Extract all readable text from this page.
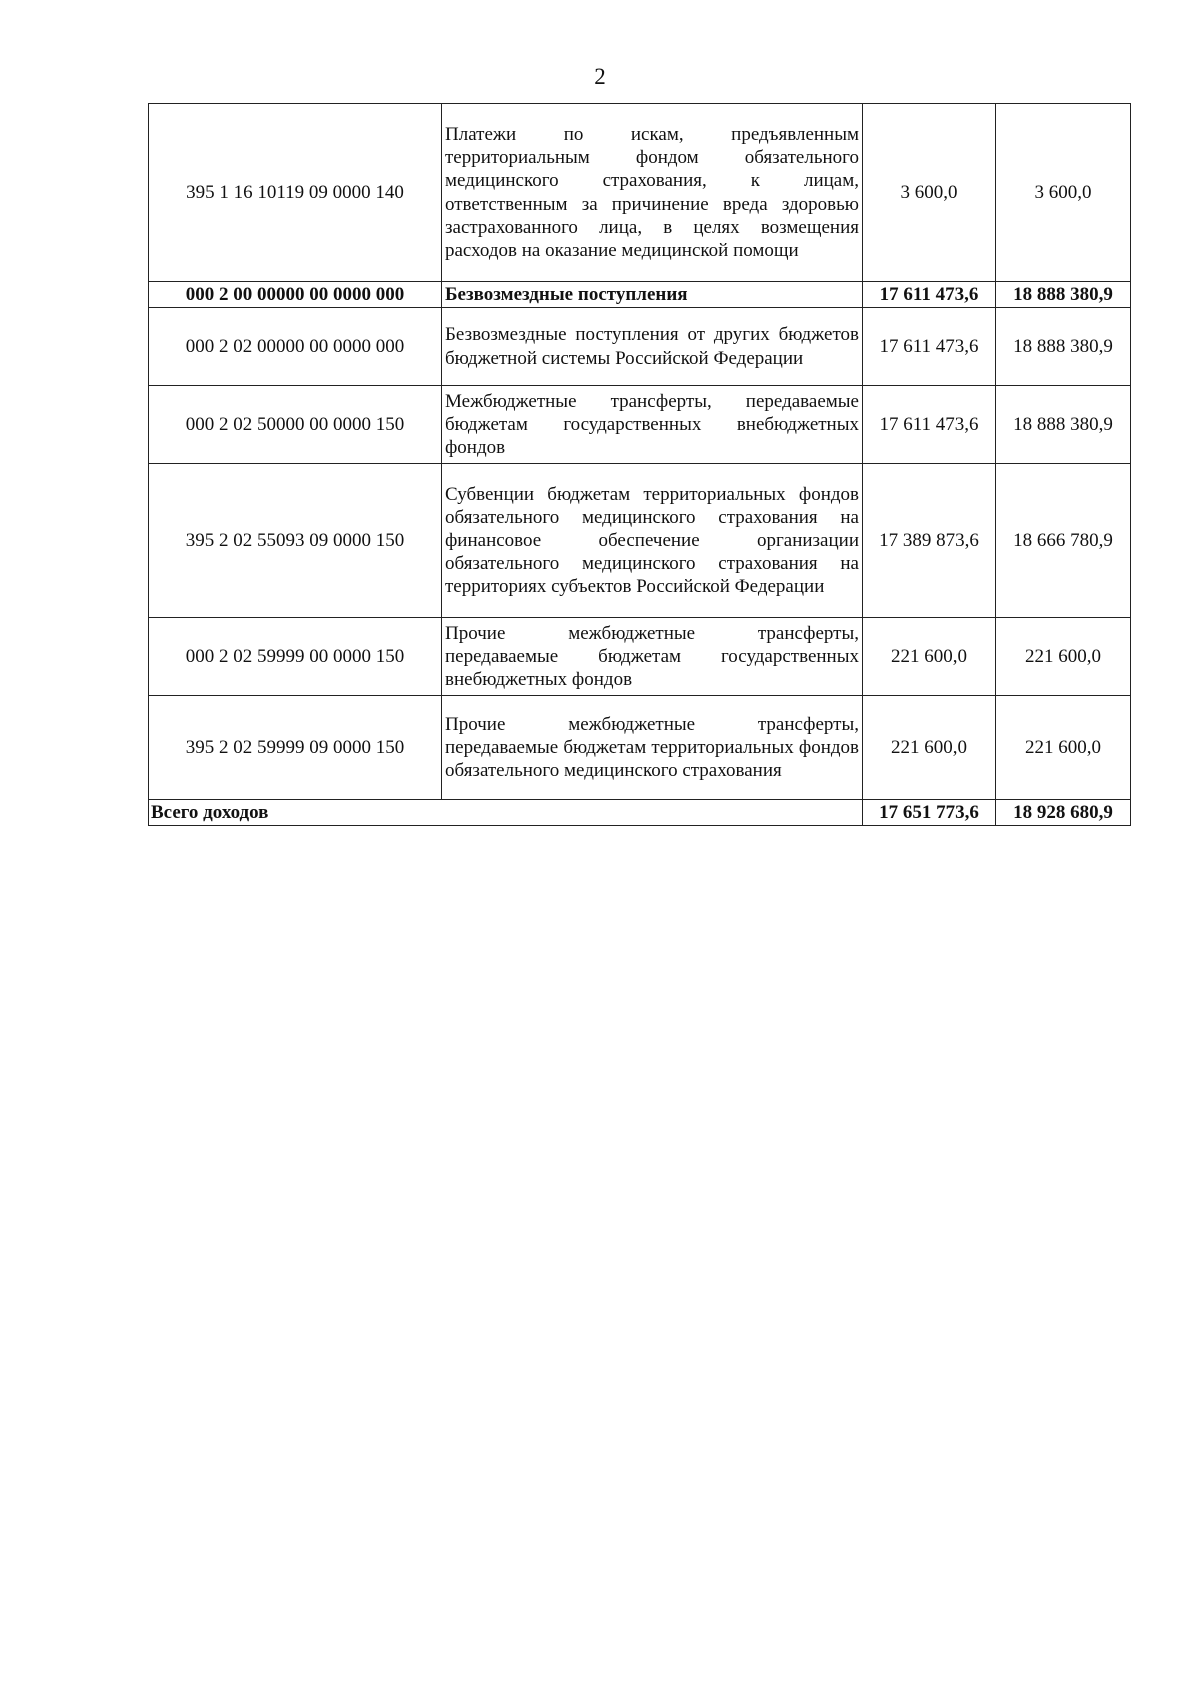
2
395 1 16 10119 09 0000 140	Платежи по искам, предъявленным территориальным фондом обязательного медицинского страхования, к лицам, ответственным за причинение вреда здоровью застрахованного лица, в целях возмещения расходов на оказание медицинской помощи	3 600,0	3 600,0
000 2 00 00000 00 0000 000	Безвозмездные поступления	17 611 473,6	18 888 380,9
000 2 02 00000 00 0000 000	Безвозмездные поступления от других бюджетов бюджетной системы Российской Федерации	17 611 473,6	18 888 380,9
000 2 02 50000 00 0000 150	Межбюджетные трансферты, передаваемые бюджетам государственных внебюджетных фондов	17 611 473,6	18 888 380,9
395 2 02 55093 09 0000 150	Субвенции бюджетам территориальных фондов обязательного медицинского страхования на финансовое обеспечение организации обязательного медицинского страхования на территориях субъектов Российской Федерации	17 389 873,6	18 666 780,9
000 2 02 59999 00 0000 150	Прочие межбюджетные трансферты, передаваемые бюджетам государственных внебюджетных фондов	221 600,0	221 600,0
395 2 02 59999 09 0000 150	Прочие межбюджетные трансферты, передаваемые бюджетам территориальных фондов обязательного медицинского страхования	221 600,0	221 600,0
Всего доходов		17 651 773,6	18 928 680,9
